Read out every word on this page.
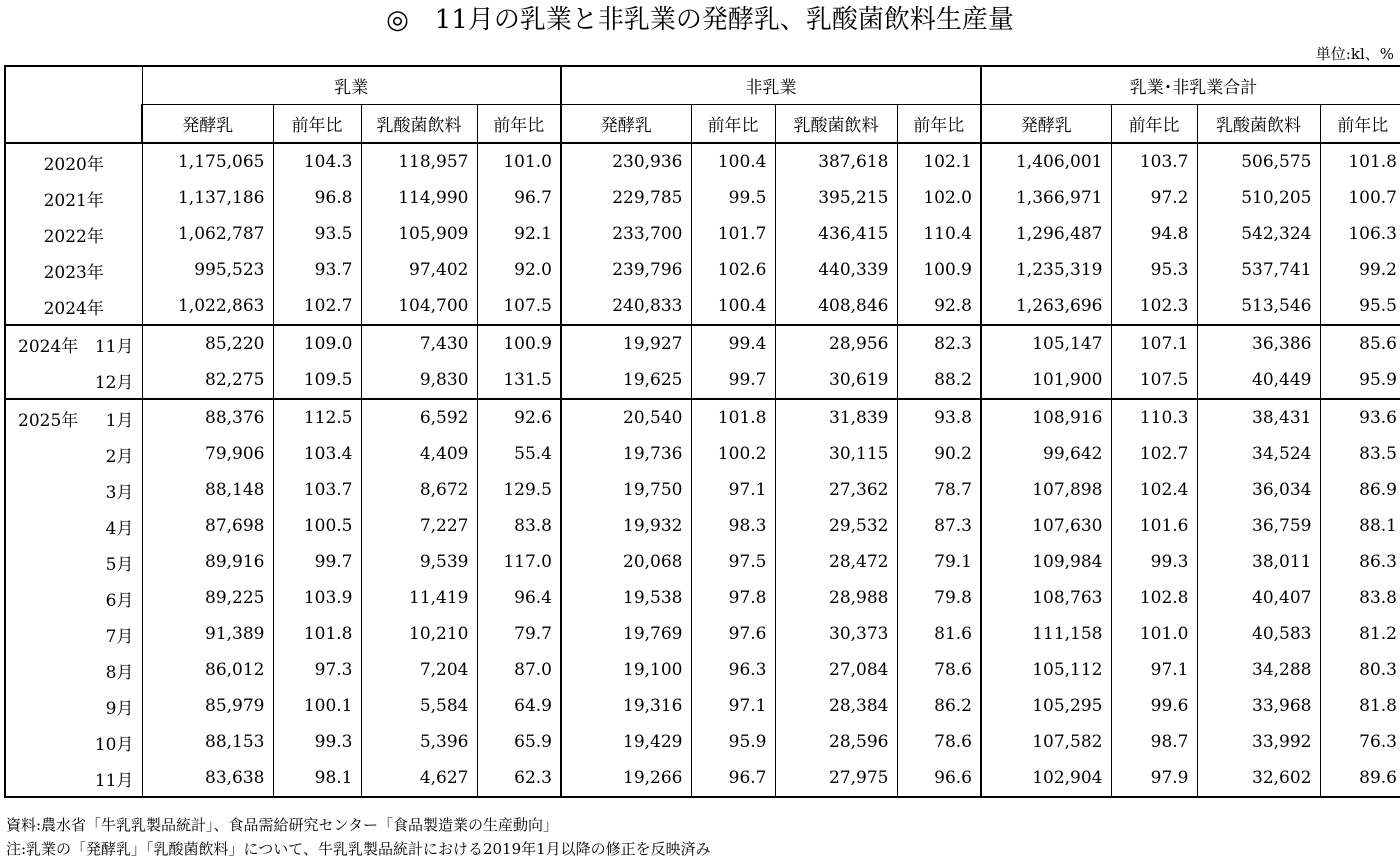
◎　11月の乳業と非乳業の発酵乳、乳酸菌飲料生産量
単位:kl、%
	乳業				非乳業				乳業･非乳業合計			
	発酵乳	前年比	乳酸菌飲料	前年比	発酵乳	前年比	乳酸菌飲料	前年比	発酵乳	前年比	乳酸菌飲料	前年比
2020年	1,175,065	104.3	118,957	101.0	230,936	100.4	387,618	102.1	1,406,001	103.7	506,575	101.8
2021年	1,137,186	96.8	114,990	96.7	229,785	99.5	395,215	102.0	1,366,971	97.2	510,205	100.7
2022年	1,062,787	93.5	105,909	92.1	233,700	101.7	436,415	110.4	1,296,487	94.8	542,324	106.3
2023年	995,523	93.7	97,402	92.0	239,796	102.6	440,339	100.9	1,235,319	95.3	537,741	99.2
2024年	1,022,863	102.7	104,700	107.5	240,833	100.4	408,846	92.8	1,263,696	102.3	513,546	95.5
2024年 11月	85,220	109.0	7,430	100.9	19,927	99.4	28,956	82.3	105,147	107.1	36,386	85.6
12月	82,275	109.5	9,830	131.5	19,625	99.7	30,619	88.2	101,900	107.5	40,449	95.9
2025年 1月	88,376	112.5	6,592	92.6	20,540	101.8	31,839	93.8	108,916	110.3	38,431	93.6
2月	79,906	103.4	4,409	55.4	19,736	100.2	30,115	90.2	99,642	102.7	34,524	83.5
3月	88,148	103.7	8,672	129.5	19,750	97.1	27,362	78.7	107,898	102.4	36,034	86.9
4月	87,698	100.5	7,227	83.8	19,932	98.3	29,532	87.3	107,630	101.6	36,759	88.1
5月	89,916	99.7	9,539	117.0	20,068	97.5	28,472	79.1	109,984	99.3	38,011	86.3
6月	89,225	103.9	11,419	96.4	19,538	97.8	28,988	79.8	108,763	102.8	40,407	83.8
7月	91,389	101.8	10,210	79.7	19,769	97.6	30,373	81.6	111,158	101.0	40,583	81.2
8月	86,012	97.3	7,204	87.0	19,100	96.3	27,084	78.6	105,112	97.1	34,288	80.3
9月	85,979	100.1	5,584	64.9	19,316	97.1	28,384	86.2	105,295	99.6	33,968	81.8
10月	88,153	99.3	5,396	65.9	19,429	95.9	28,596	78.6	107,582	98.7	33,992	76.3
11月	83,638	98.1	4,627	62.3	19,266	96.7	27,975	96.6	102,904	97.9	32,602	89.6
資料:農水省「牛乳乳製品統計」、食品需給研究センター「食品製造業の生産動向」
注:乳業の「発酵乳」「乳酸菌飲料」について、牛乳乳製品統計における2019年1月以降の修正を反映済み
